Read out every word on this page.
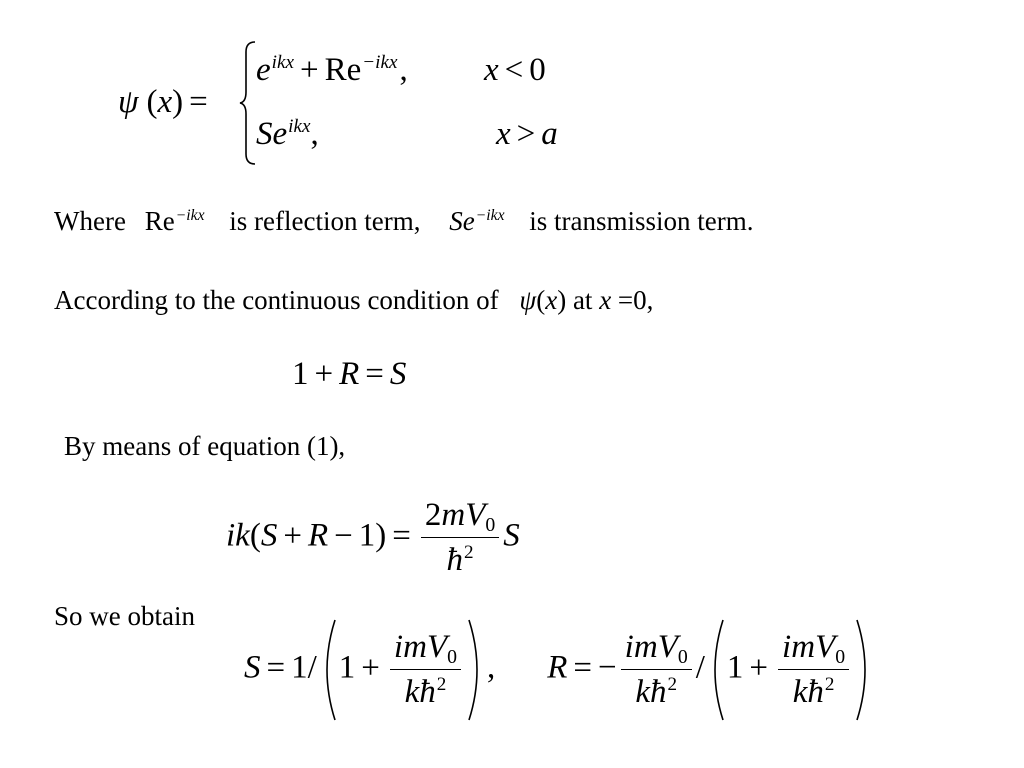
ψ (x) =
$e^{ikx} + Re^{-ikx}$, x < 0
$Se^{ikx}$,	x > a
Where $Re^{-ikx}$ is reflection term, $Se^{-ikx}$ is transmission term.
According to the continuous condition of ψ(x) at x =0,
1 + R = S
By means of equation (1),
$ik(S + R - 1) = \frac{2mV_0}{ħ^2}$ S
So we obtain
S = 1/ $1 + \frac{imV_0}{kħ^2}$ , R = − $\frac{imV_0}{kħ^2} / 1 + \frac{imV_0}{kħ^2}$
